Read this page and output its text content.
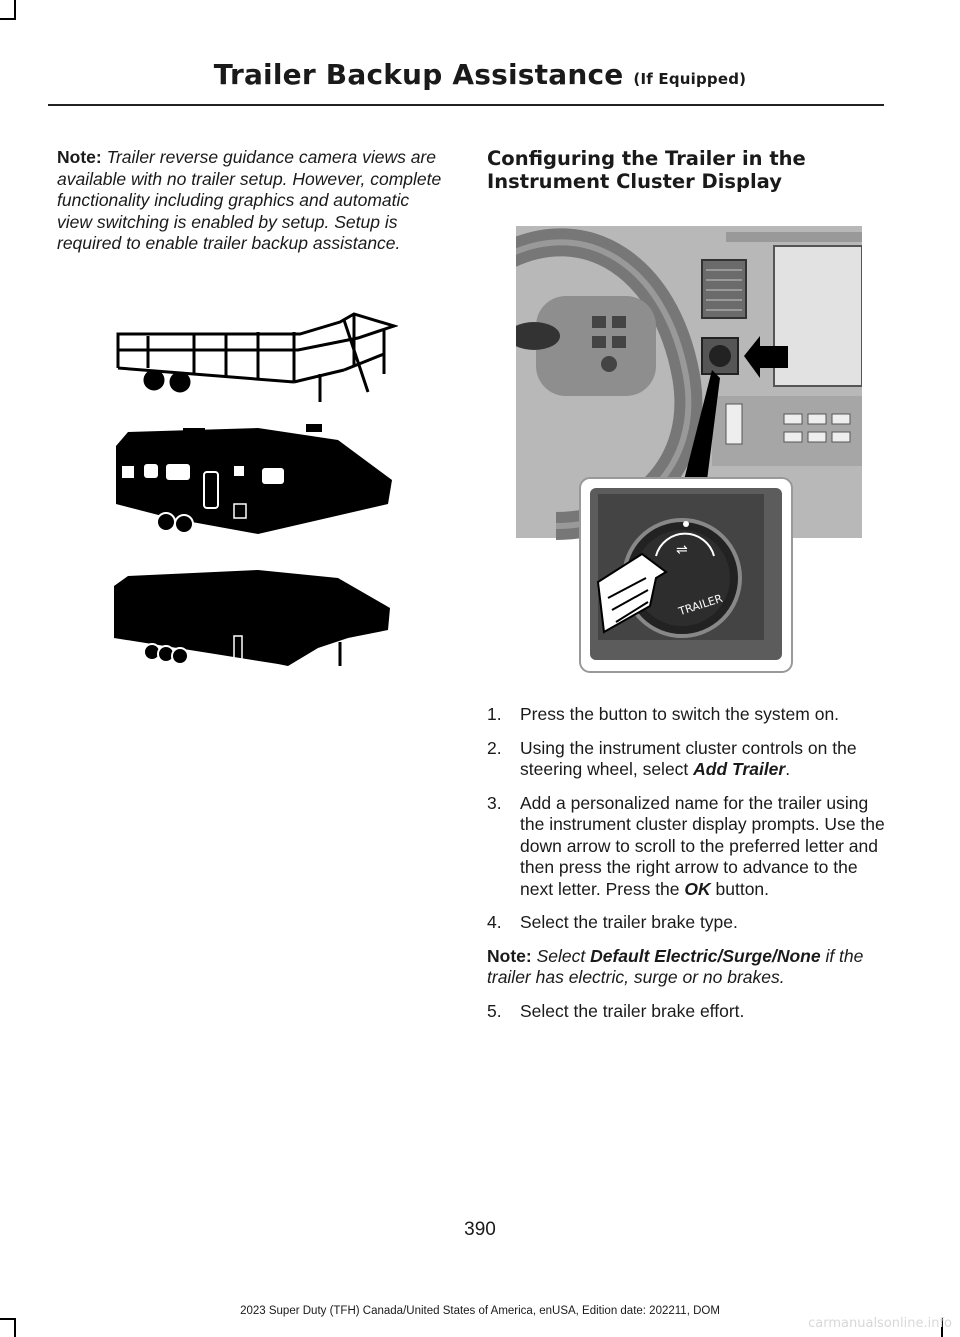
Trailer Backup Assistance (If Equipped)

Note: Trailer reverse guidance camera views are available with no trailer setup. However, complete functionality including graphics and automatic view switching is enabled by setup. Setup is required to enable trailer backup assistance.

Configuring the Trailer in the Instrument Cluster Display
⇌
TRAILER
1. Press the button to switch the system on.
2. Using the instrument cluster controls on the steering wheel, select Add Trailer.
3. Add a personalized name for the trailer using the instrument cluster display prompts. Use the down arrow to scroll to the preferred letter and then press the right arrow to advance to the next letter. Press the OK button.
4. Select the trailer brake type.

Note: Select Default Electric/Surge/None if the trailer has electric, surge or no brakes.

5. Select the trailer brake effort.
390
2023 Super Duty (TFH) Canada/United States of America, enUSA, Edition date: 202211, DOM
carmanualsonline.info
